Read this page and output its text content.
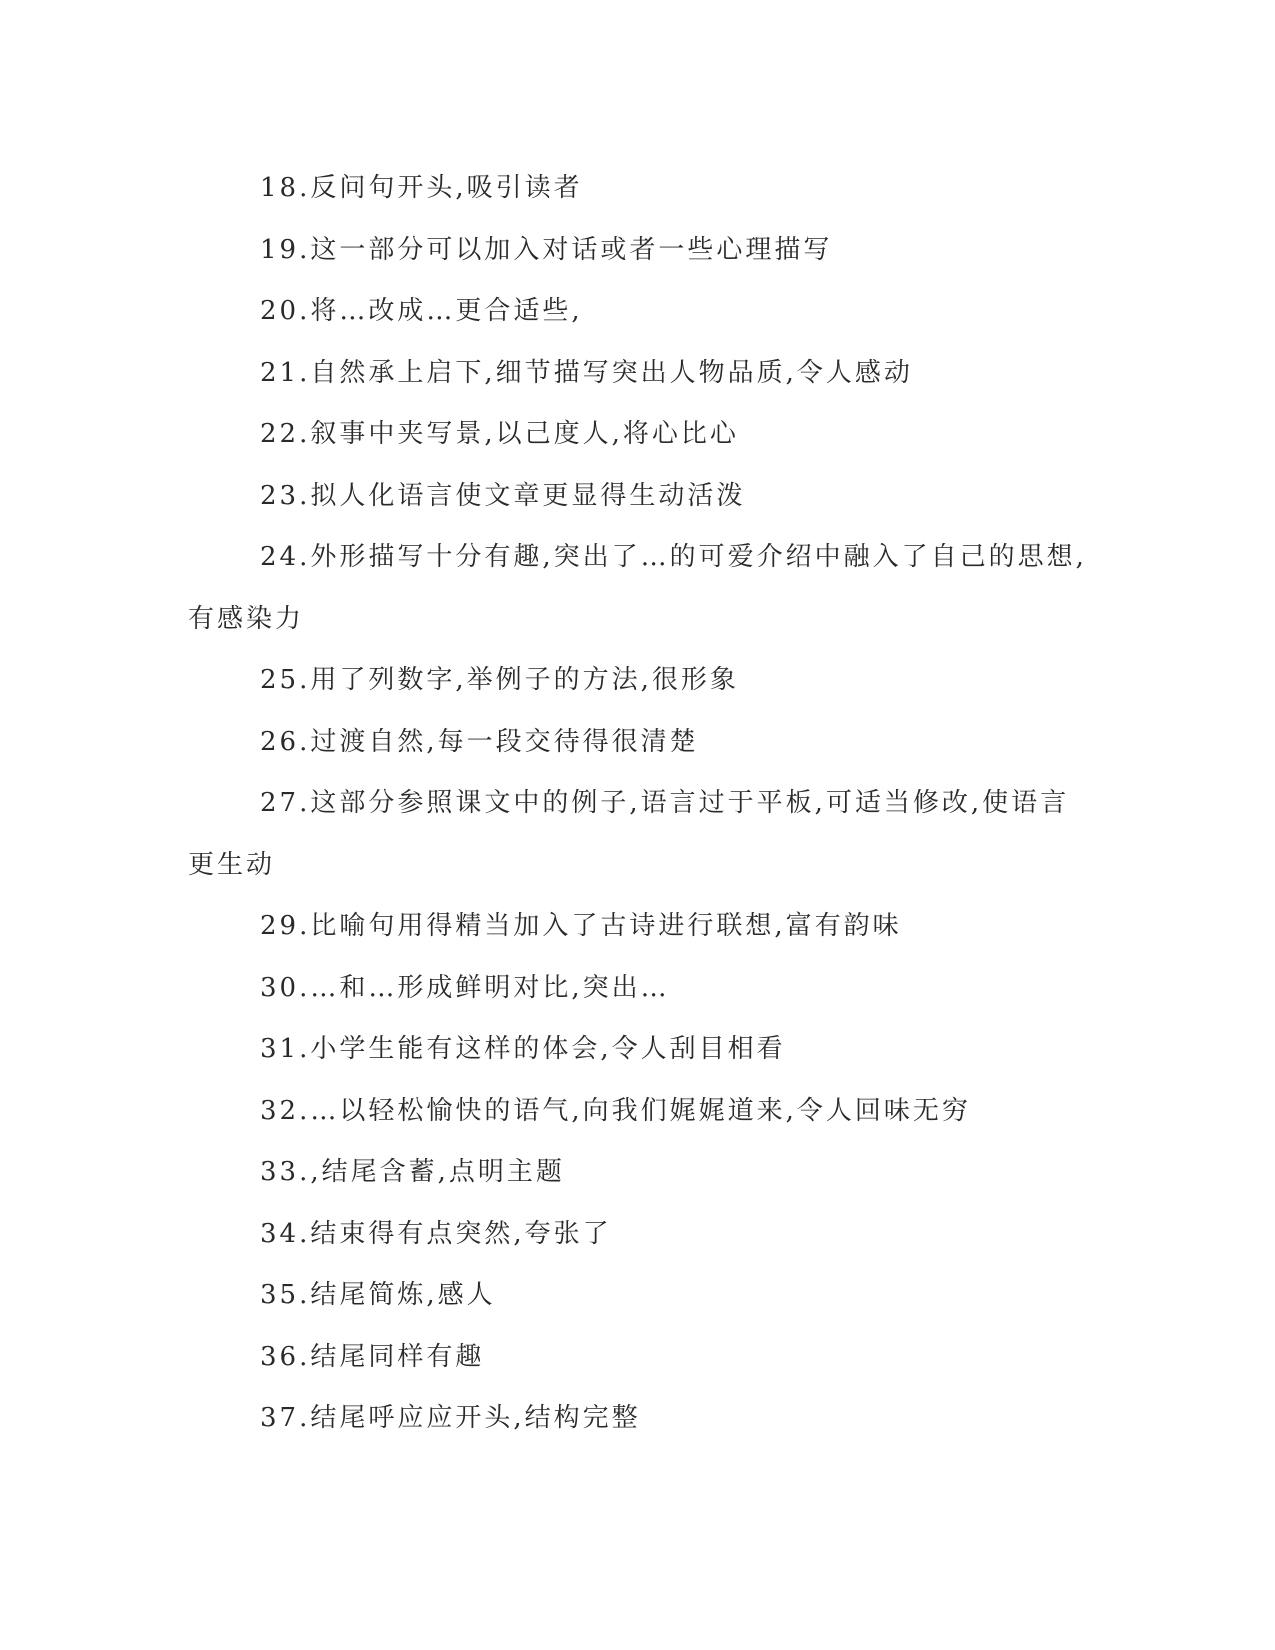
18.反问句开头,吸引读者

19.这一部分可以加入对话或者一些心理描写

20.将…改成…更合适些,

21.自然承上启下,细节描写突出人物品质,令人感动

22.叙事中夹写景,以己度人,将心比心

23.拟人化语言使文章更显得生动活泼

24.外形描写十分有趣,突出了…的可爱介绍中融入了自己的思想,有感染力

25.用了列数字,举例子的方法,很形象

26.过渡自然,每一段交待得很清楚

27.这部分参照课文中的例子,语言过于平板,可适当修改,使语言更生动

29.比喻句用得精当加入了古诗进行联想,富有韵味

30.…和…形成鲜明对比,突出…

31.小学生能有这样的体会,令人刮目相看

32.…以轻松愉快的语气,向我们娓娓道来,令人回味无穷

33.,结尾含蓄,点明主题

34.结束得有点突然,夸张了

35.结尾简炼,感人

36.结尾同样有趣

37.结尾呼应应开头,结构完整
